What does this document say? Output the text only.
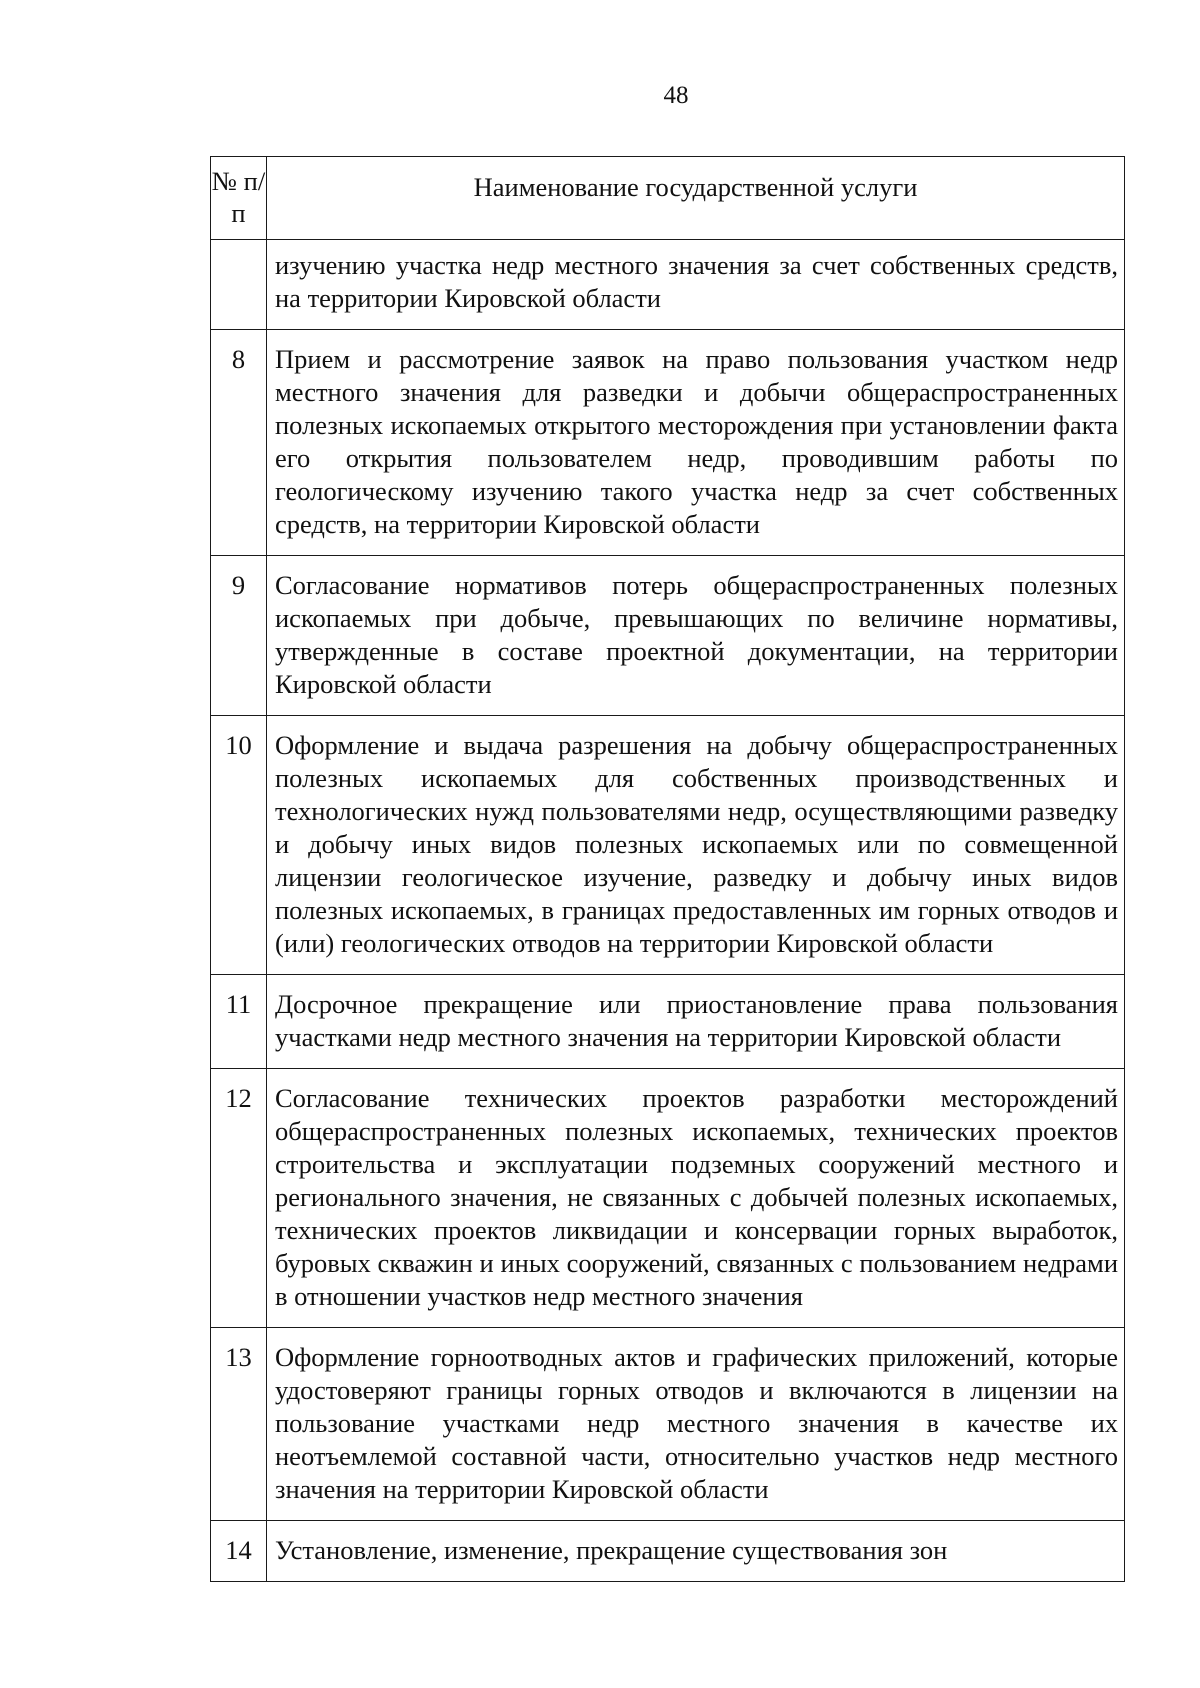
48
№ п/п	Наименование государственной услуги
	изучению участка недр местного значения за счет собственных средств, на территории Кировской области
8	Прием и рассмотрение заявок на право пользования участком недр местного значения для разведки и добычи общераспространенных полезных ископаемых открытого месторождения при установлении факта его открытия пользователем недр, проводившим работы по геологическому изучению такого участка недр за счет собственных средств, на территории Кировской области
9	Согласование нормативов потерь общераспространенных полезных ископаемых при добыче, превышающих по величине нормативы, утвержденные в составе проектной документации, на территории Кировской области
10	Оформление и выдача разрешения на добычу общераспространенных полезных ископаемых для собственных производственных и технологических нужд пользователями недр, осуществляющими разведку и добычу иных видов полезных ископаемых или по совмещенной лицензии геологическое изучение, разведку и добычу иных видов полезных ископаемых, в границах предоставленных им горных отводов и (или) геологических отводов на территории Кировской области
11	Досрочное прекращение или приостановление права пользования участками недр местного значения на территории Кировской области
12	Согласование технических проектов разработки месторождений общераспространенных полезных ископаемых, технических проектов строительства и эксплуатации подземных сооружений местного и регионального значения, не связанных с добычей полезных ископаемых, технических проектов ликвидации и консервации горных выработок, буровых скважин и иных сооружений, связанных с пользованием недрами в отношении участков недр местного значения
13	Оформление горноотводных актов и графических приложений, которые удостоверяют границы горных отводов и включаются в лицензии на пользование участками недр местного значения в качестве их неотъемлемой составной части, относительно участков недр местного значения на территории Кировской области
14	Установление, изменение, прекращение существования зон
